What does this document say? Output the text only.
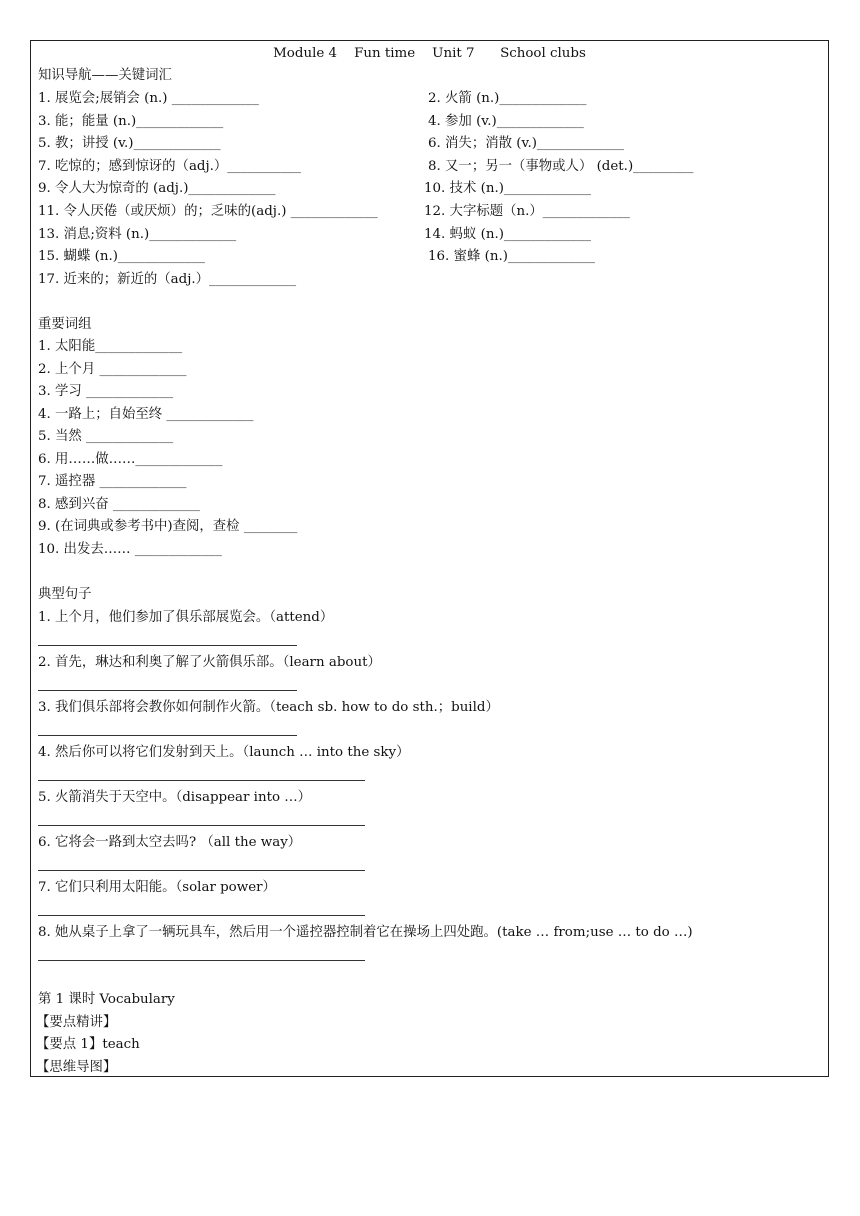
Module 4    Fun time    Unit 7      School clubs
知识导航——关键词汇
1. 展览会;展销会 (n.) _____________	2. 火箭 (n.)_____________
3. 能；能量 (n.)_____________	4. 参加 (v.)_____________
5. 教；讲授 (v.)_____________	6. 消失；消散 (v.)_____________
7. 吃惊的；感到惊讶的（adj.）___________	8. 又一；另一（事物或人） (det.)_________
9. 令人大为惊奇的 (adj.)_____________	10. 技术 (n.)_____________
11. 令人厌倦（或厌烦）的；乏味的(adj.) _____________	12. 大字标题（n.）_____________
13. 消息;资料 (n.)_____________	14. 蚂蚁 (n.)_____________
15. 蝴蝶 (n.)_____________	16. 蜜蜂 (n.)_____________
17. 近来的；新近的（adj.）_____________
重要词组
1. 太阳能_____________
2. 上个月 _____________
3. 学习 _____________
4. 一路上；自始至终 _____________
5. 当然 _____________
6. 用……做……_____________
7. 遥控器 _____________
8. 感到兴奋 _____________
9. (在词典或参考书中)查阅，查检 ________
10. 出发去…… _____________
典型句子
1. 上个月，他们参加了俱乐部展览会。（attend）
2. 首先，琳达和利奥了解了火箭俱乐部。（learn about）
3. 我们俱乐部将会教你如何制作火箭。（teach sb. how to do sth.；build）
4. 然后你可以将它们发射到天上。（launch … into the sky）
5. 火箭消失于天空中。（disappear into …）
6. 它将会一路到太空去吗? （all the way）
7. 它们只利用太阳能。（solar power）
8. 她从桌子上拿了一辆玩具车，然后用一个遥控器控制着它在操场上四处跑。(take … from;use … to do …)
第 1 课时 Vocabulary
【要点精讲】
【要点 1】teach
【思维导图】
